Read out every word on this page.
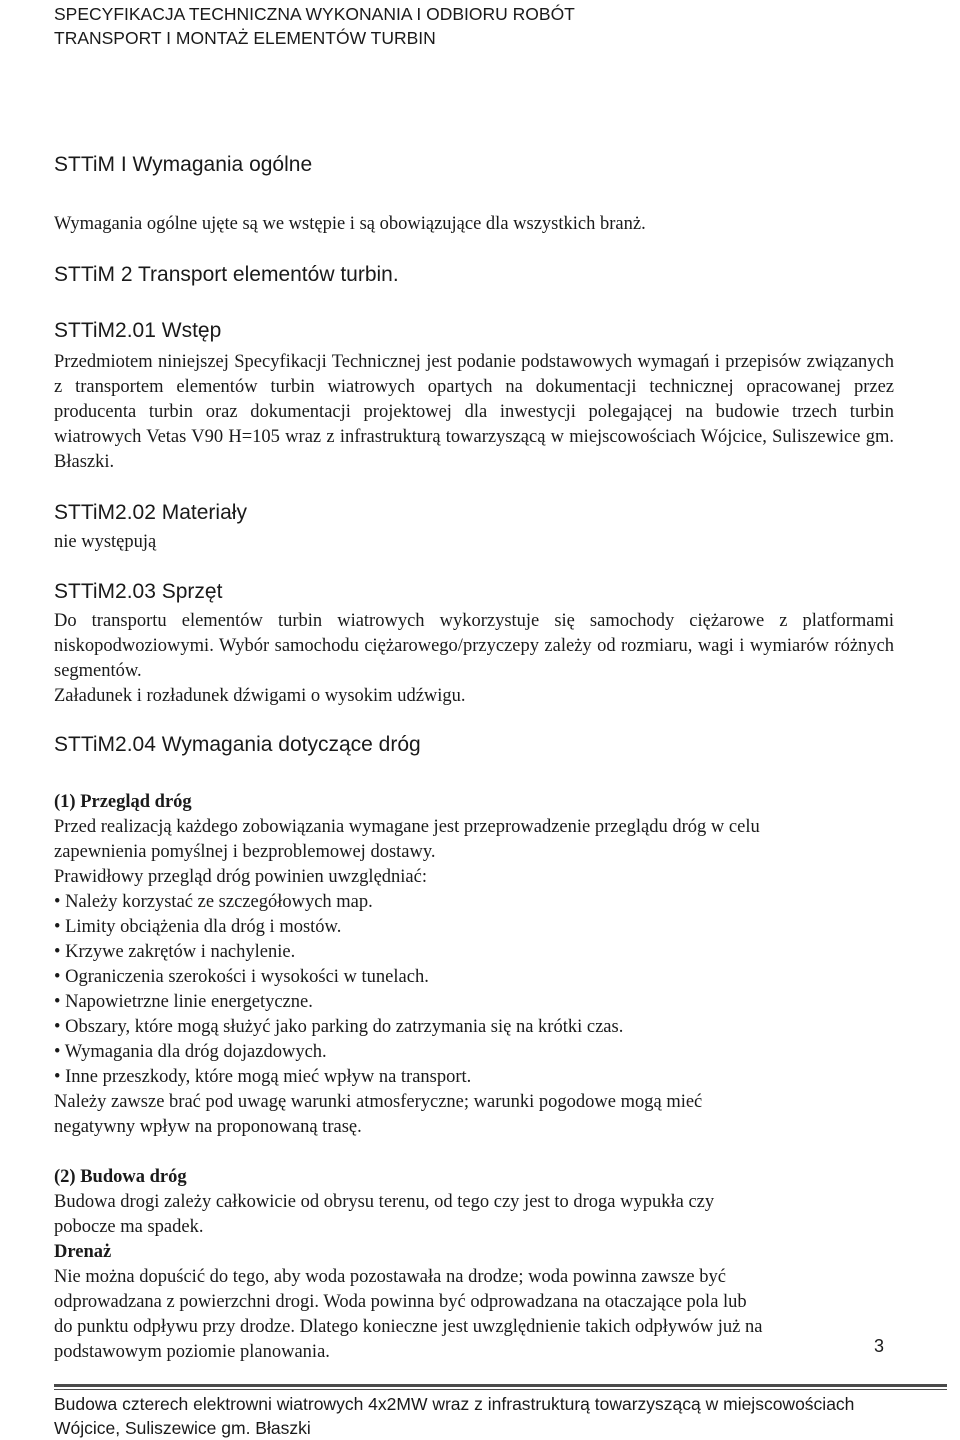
SPECYFIKACJA TECHNICZNA WYKONANIA I ODBIORU ROBÓT
TRANSPORT I MONTAŻ ELEMENTÓW TURBIN
STTiM I Wymagania ogólne
Wymagania ogólne ujęte są we wstępie i są obowiązujące dla wszystkich branż.
STTiM 2 Transport elementów turbin.
STTiM2.01 Wstęp
Przedmiotem niniejszej Specyfikacji Technicznej jest podanie podstawowych wymagań i przepisów związanych z transportem elementów turbin wiatrowych opartych na dokumentacji technicznej opracowanej przez producenta turbin oraz dokumentacji projektowej dla inwestycji polegającej na budowie trzech turbin wiatrowych Vetas V90 H=105 wraz z infrastrukturą towarzyszącą w miejscowościach Wójcice, Suliszewice gm. Błaszki.
STTiM2.02 Materiały
nie występują
STTiM2.03 Sprzęt
Do transportu elementów turbin wiatrowych wykorzystuje się samochody ciężarowe z platformami niskopodwoziowymi. Wybór samochodu ciężarowego/przyczepy zależy od rozmiaru, wagi i wymiarów różnych segmentów.
Załadunek i rozładunek dźwigami o wysokim udźwigu.
STTiM2.04 Wymagania dotyczące dróg
(1) Przegląd dróg
Przed realizacją każdego zobowiązania wymagane jest przeprowadzenie przeglądu dróg w celu
zapewnienia pomyślnej i bezproblemowej dostawy.
Prawidłowy przegląd dróg powinien uwzględniać:
• Należy korzystać ze szczegółowych map.
• Limity obciążenia dla dróg i mostów.
• Krzywe zakrętów i nachylenie.
• Ograniczenia szerokości i wysokości w tunelach.
• Napowietrzne linie energetyczne.
• Obszary, które mogą służyć jako parking do zatrzymania się na krótki czas.
• Wymagania dla dróg dojazdowych.
• Inne przeszkody, które mogą mieć wpływ na transport.
Należy zawsze brać pod uwagę warunki atmosferyczne; warunki pogodowe mogą mieć
negatywny wpływ na proponowaną trasę.
(2) Budowa dróg
Budowa drogi zależy całkowicie od obrysu terenu, od tego czy jest to droga wypukła czy
pobocze ma spadek.
Drenaż
Nie można dopuścić do tego, aby woda pozostawała na drodze; woda powinna zawsze być
odprowadzana z powierzchni drogi. Woda powinna być odprowadzana na otaczające pola lub
do punktu odpływu przy drodze. Dlatego konieczne jest uwzględnienie takich odpływów już na
podstawowym poziomie planowania.	3
Budowa czterech elektrowni wiatrowych 4x2MW wraz z infrastrukturą towarzyszącą w miejscowościach
Wójcice, Suliszewice gm. Błaszki
